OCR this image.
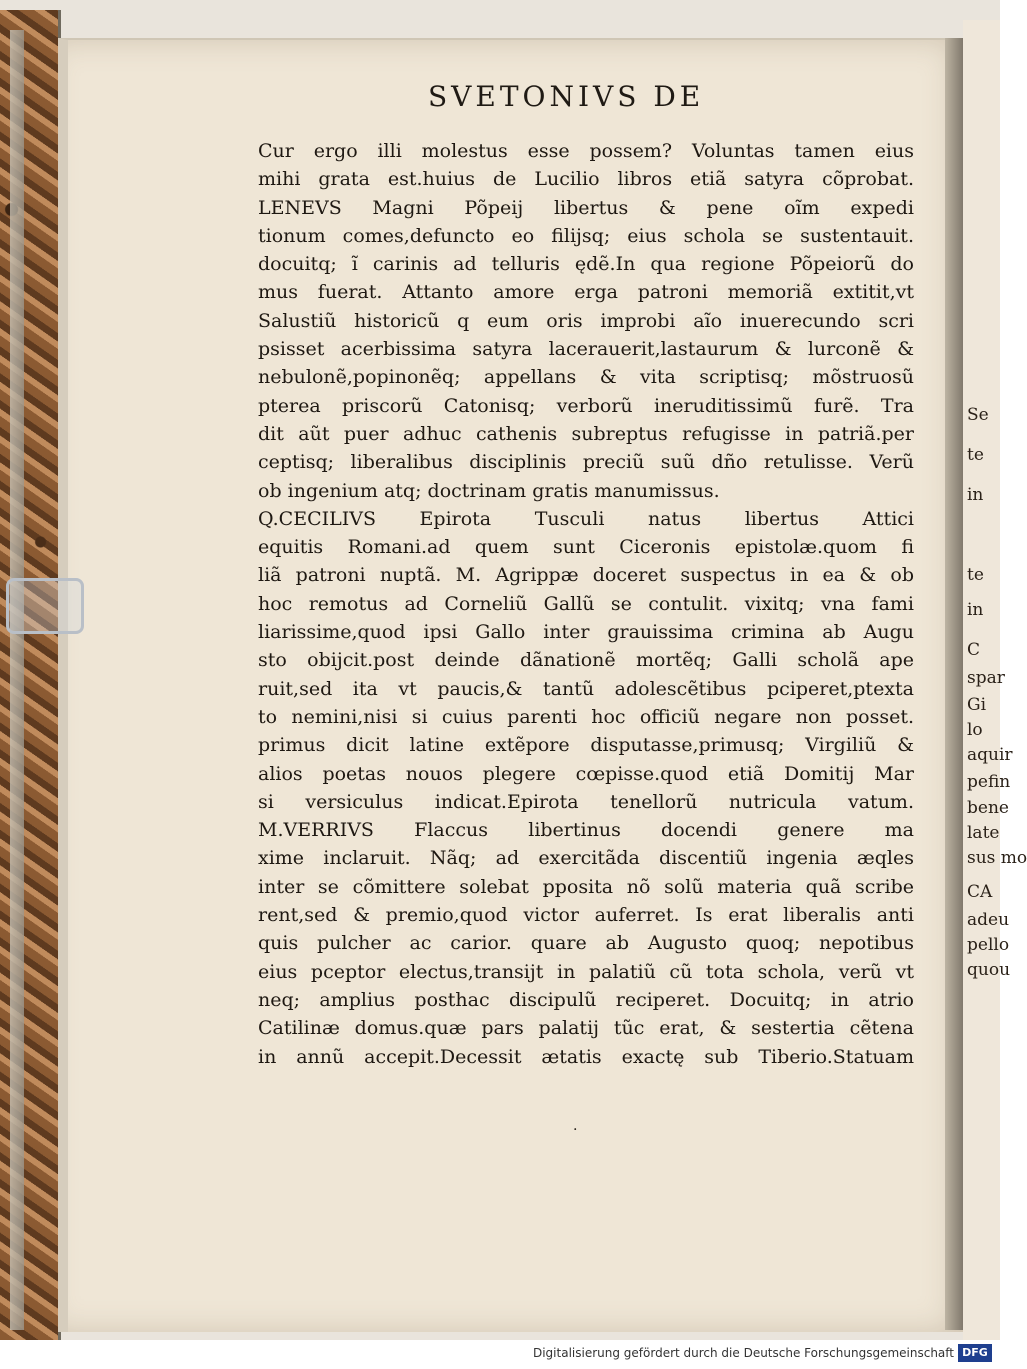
Se
te
in
te
in
C
spar
Gi
lo
aquir
pefin
bene
late
sus mo
CA
adeu
pello
quou
SVETONIVS DE
Cur ergo illi molestus esse possem? Voluntas tamen eius
mihi grata est.huius de Lucilio libros etiã satyra cõprobat.
LENEVS Magni Põpeij libertus & pene oĩm expedi
tionum comes,defuncto eo filijsq; eius schola se sustentauit.
docuitq; ĩ carinis ad telluris ędẽ.In qua regione Põpeiorũ do
mus fuerat. Attanto amore erga patroni memoriã extitit,vt
Salustiũ historicũ q eum oris improbi aĩo inuerecundo scri
psisset acerbissima satyra lacerauerit,lastaurum & lurconẽ &
nebulonẽ,popinonẽq; appellans & vita scriptisq; mõstruosũ
pterea priscorũ Catonisq; verborũ ineruditissimũ furẽ. Tra
dit aũt puer adhuc cathenis subreptus refugisse in patriã.per
ceptisq; liberalibus disciplinis preciũ suũ dño retulisse. Verũ
ob ingenium atq; doctrinam gratis manumissus.
Q.CECILIVS Epirota Tusculi natus libertus Attici
equitis Romani.ad quem sunt Ciceronis epistolæ.quom fi
liã patroni nuptã. M. Agrippæ doceret suspectus in ea & ob
hoc remotus ad Corneliũ Gallũ se contulit. vixitq; vna fami
liarissime,quod ipsi Gallo inter grauissima crimina ab Augu
sto obijcit.post deinde dãnationẽ mortẽq; Galli scholã ape
ruit,sed ita vt paucis,& tantũ adolescẽtibus pciperet,ptexta
to nemini,nisi si cuius parenti hoc officiũ negare non posset.
primus dicit latine extẽpore disputasse,primusq; Virgiliũ &
alios poetas nouos plegere cœpisse.quod etiã Domitij Mar
si versiculus indicat.Epirota tenellorũ nutricula vatum.
M.VERRIVS Flaccus libertinus docendi genere ma
xime inclaruit. Nãq; ad exercitãda discentiũ ingenia æqles
inter se cõmittere solebat pposita nõ solũ materia quã scribe
rent,sed & premio,quod victor auferret. Is erat liberalis anti
quis pulcher ac carior. quare ab Augusto quoq; nepotibus
eius pceptor electus,transijt in palatiũ cũ tota schola, verũ vt
neq; amplius posthac discipulũ reciperet. Docuitq; in atrio
Catilinæ domus.quæ pars palatij tũc erat, & sestertia cẽtena
in annũ accepit.Decessit ætatis exactę sub Tiberio.Statuam
.
Digitalisierung gefördert durch die Deutsche Forschungsgemeinschaft DFG
